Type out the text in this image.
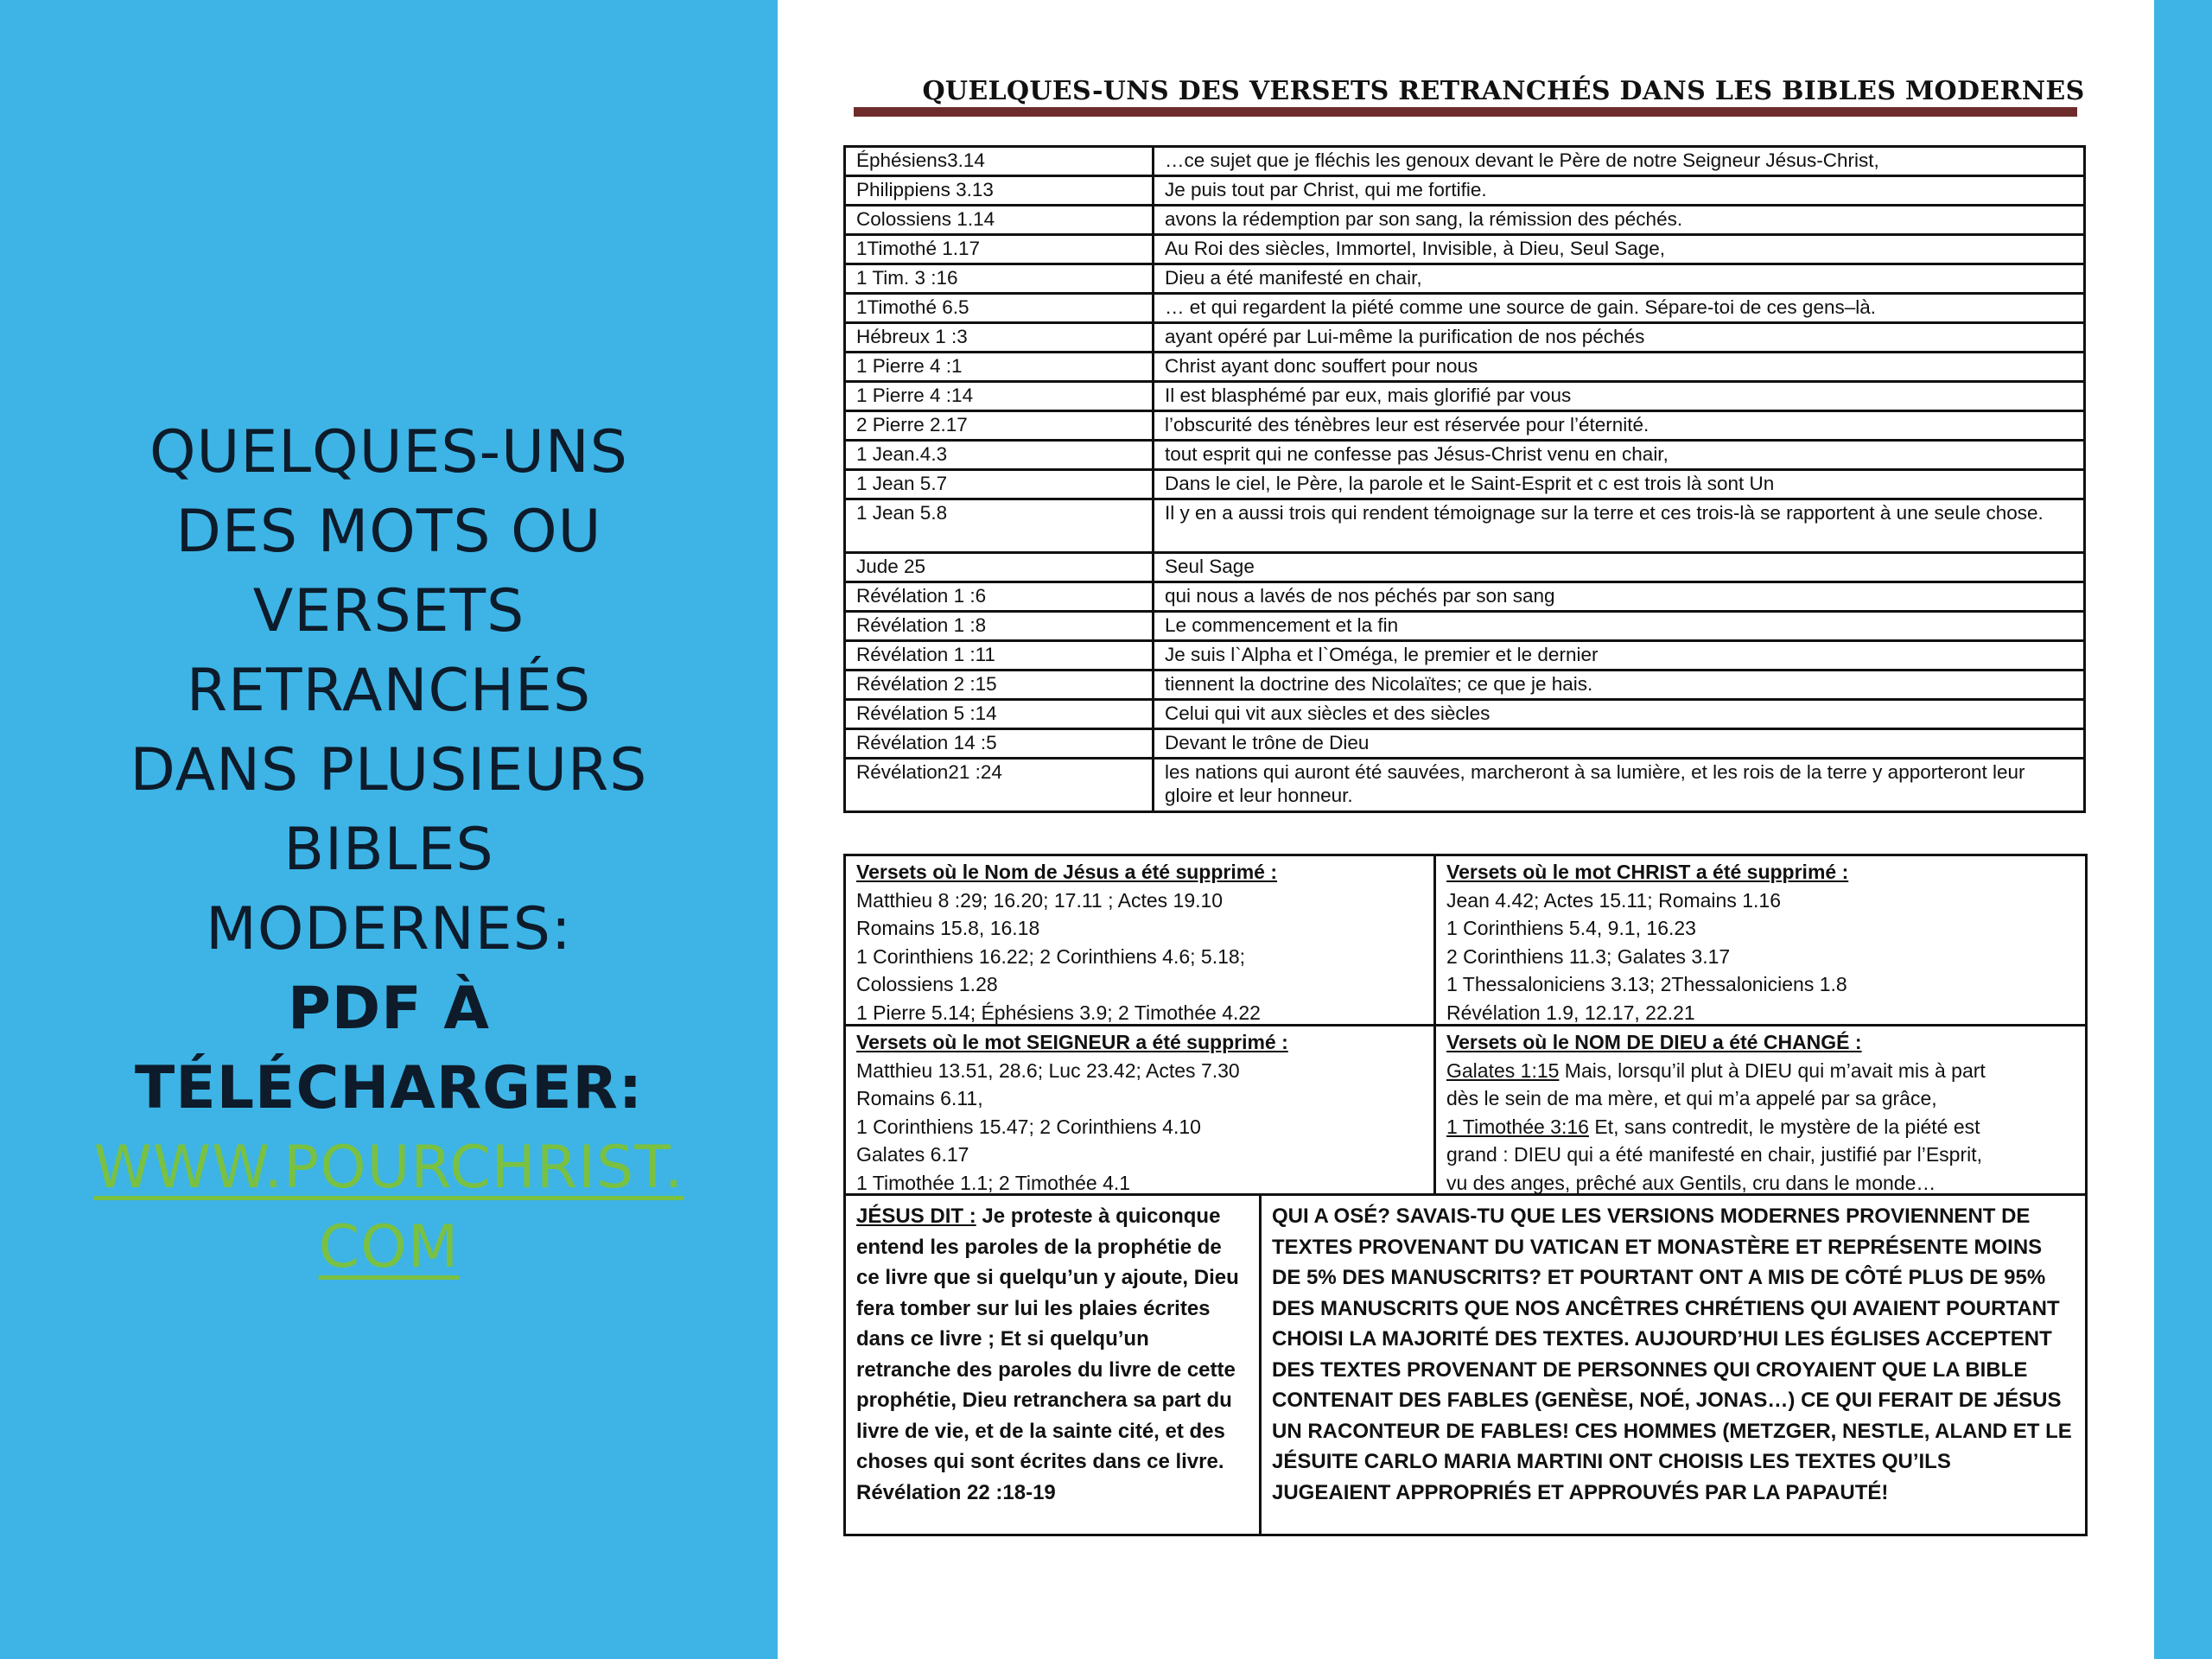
QUELQUES-UNS
DES MOTS OU
VERSETS
RETRANCHÉS
DANS PLUSIEURS
BIBLES
MODERNES:
PDF À
TÉLÉCHARGER:
WWW.POURCHRIST.
COM
QUELQUES-UNS DES VERSETS RETRANCHÉS DANS LES BIBLES MODERNES
Éphésiens3.14	…ce sujet que je fléchis les genoux devant le Père de notre Seigneur Jésus-Christ,
Philippiens 3.13	Je puis tout par Christ, qui me fortifie.
Colossiens 1.14	avons la rédemption par son sang, la rémission des péchés.
1Timothé 1.17	Au Roi des siècles, Immortel, Invisible, à Dieu, Seul Sage,
1 Tim. 3 :16	Dieu a été manifesté en chair,
1Timothé 6.5	… et qui regardent la piété comme une source de gain. Sépare-toi de ces gens–là.
Hébreux 1 :3	ayant opéré par Lui-même la purification de nos péchés
1 Pierre 4 :1	Christ ayant donc souffert pour nous
1 Pierre 4 :14	Il est blasphémé par eux, mais glorifié par vous
2 Pierre 2.17	l’obscurité des ténèbres leur est réservée pour l’éternité.
1 Jean.4.3	tout esprit qui ne confesse pas Jésus-Christ venu en chair,
1 Jean 5.7	Dans le ciel, le Père, la parole et le Saint-Esprit et c est trois là sont Un
1 Jean 5.8	Il y en a aussi trois qui rendent témoignage sur la terre et ces trois-là se rapportent à une seule chose.
Jude 25	Seul Sage
Révélation 1 :6	qui nous a lavés de nos péchés par son sang
Révélation 1 :8	Le commencement et la fin
Révélation 1 :11	Je suis l`Alpha et l`Oméga, le premier et le dernier
Révélation 2 :15	tiennent la doctrine des Nicolaïtes; ce que je hais.
Révélation 5 :14	Celui qui vit aux siècles et des siècles
Révélation 14 :5	Devant le trône de Dieu
Révélation21 :24	les nations qui auront été sauvées, marcheront à sa lumière, et les rois de la terre y apporteront leur gloire et leur honneur.
Versets où le Nom de Jésus a été supprimé :
Matthieu 8 :29; 16.20; 17.11 ; Actes 19.10
Romains 15.8, 16.18
1 Corinthiens 16.22; 2 Corinthiens 4.6; 5.18;
Colossiens 1.28
1 Pierre 5.14; Éphésiens 3.9; 2 Timothée 4.22
Versets où le mot CHRIST a été supprimé :
Jean 4.42; Actes 15.11; Romains 1.16
1 Corinthiens 5.4, 9.1, 16.23
2 Corinthiens 11.3; Galates 3.17
1 Thessaloniciens 3.13; 2Thessaloniciens 1.8
Révélation 1.9, 12.17, 22.21
Versets où le mot SEIGNEUR a été supprimé :
Matthieu 13.51, 28.6; Luc 23.42; Actes 7.30
Romains 6.11,
1 Corinthiens 15.47; 2 Corinthiens 4.10
Galates 6.17
1 Timothée 1.1; 2 Timothée 4.1
Versets où le NOM DE DIEU a été CHANGÉ :
Galates 1:15 Mais, lorsqu’il plut à DIEU qui m’avait mis à part
dès le sein de ma mère, et qui m’a appelé par sa grâce,
1 Timothée 3:16 Et, sans contredit, le mystère de la piété est
grand : DIEU qui a été manifesté en chair, justifié par l’Esprit,
vu des anges, prêché aux Gentils, cru dans le monde…
JÉSUS DIT : Je proteste à quiconque entend les paroles de la prophétie de ce livre que si quelqu’un y ajoute, Dieu fera tomber sur lui les plaies écrites dans ce livre ; Et si quelqu’un retranche des paroles du livre de cette prophétie, Dieu retranchera sa part du livre de vie, et de la sainte cité, et des choses qui sont écrites dans ce livre. Révélation 22 :18-19
QUI A OSÉ? SAVAIS-TU QUE LES VERSIONS MODERNES PROVIENNENT DE TEXTES PROVENANT DU VATICAN ET MONASTÈRE ET REPRÉSENTE MOINS DE 5% DES MANUSCRITS? ET POURTANT ONT A MIS DE CÔTÉ PLUS DE 95% DES MANUSCRITS QUE NOS ANCÊTRES CHRÉTIENS QUI AVAIENT POURTANT CHOISI LA MAJORITÉ DES TEXTES. AUJOURD’HUI LES ÉGLISES ACCEPTENT DES TEXTES PROVENANT DE PERSONNES QUI CROYAIENT QUE LA BIBLE CONTENAIT DES FABLES (GENÈSE, NOÉ, JONAS…) CE QUI FERAIT DE JÉSUS UN RACONTEUR DE FABLES! CES HOMMES (METZGER, NESTLE, ALAND ET LE JÉSUITE CARLO MARIA MARTINI ONT CHOISIS LES TEXTES QU’ILS JUGEAIENT APPROPRIÉS ET APPROUVÉS PAR LA PAPAUTÉ!
